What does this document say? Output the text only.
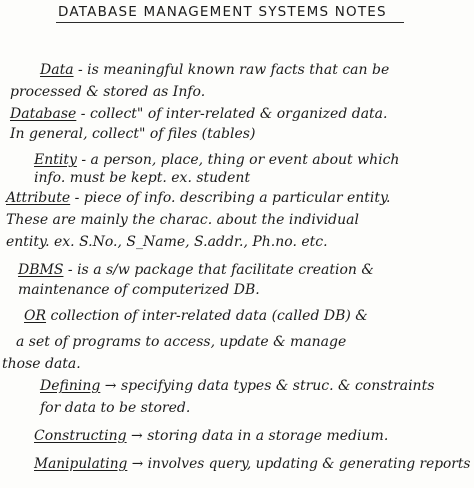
DATABASE MANAGEMENT SYSTEMS NOTES
Data - is meaningful known raw facts that can be
processed & stored as Info.
Database - collect" of inter-related & organized data.
In general, collect" of files (tables)
Entity - a person, place, thing or event about which
info. must be kept. ex. student
Attribute - piece of info. describing a particular entity.
These are mainly the charac. about the individual
entity. ex. S.No., S_Name, S.addr., Ph.no. etc.
DBMS - is a s/w package that facilitate creation &
maintenance of computerized DB.
OR collection of inter-related data (called DB) &
a set of programs to access, update & manage
those data.
Defining → specifying data types & struc. & constraints
for data to be stored.
Constructing → storing data in a storage medium.
Manipulating → involves query, updating & generating reports
